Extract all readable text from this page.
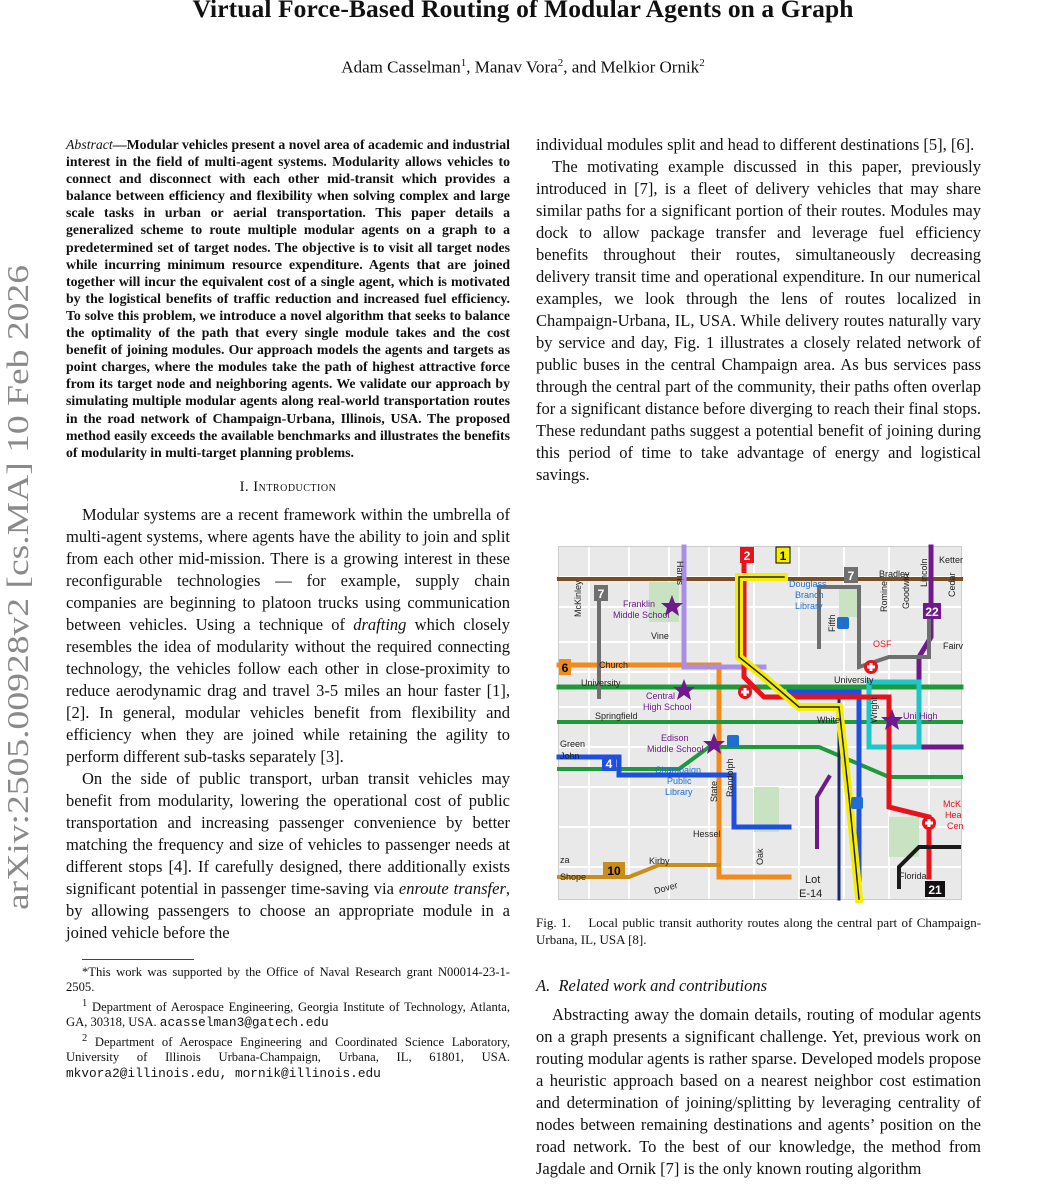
Virtual Force-Based Routing of Modular Agents on a Graph
Adam Casselman$^1$, Manav Vora$^2$, and Melkior Ornik$^2$
arXiv:2505.00928v2 [cs.MA] 10 Feb 2026

Abstract—Modular vehicles present a novel area of academic and industrial interest in the field of multi-agent systems. Modularity allows vehicles to connect and disconnect with each other mid-transit which provides a balance between efficiency and flexibility when solving complex and large scale tasks in urban or aerial transportation. This paper details a generalized scheme to route multiple modular agents on a graph to a predetermined set of target nodes. The objective is to visit all target nodes while incurring minimum resource expenditure. Agents that are joined together will incur the equivalent cost of a single agent, which is motivated by the logistical benefits of traffic reduction and increased fuel efficiency. To solve this problem, we introduce a novel algorithm that seeks to balance the optimality of the path that every single module takes and the cost benefit of joining modules. Our approach models the agents and targets as point charges, where the modules take the path of highest attractive force from its target node and neighboring agents. We validate our approach by simulating multiple modular agents along real-world transportation routes in the road network of Champaign-Urbana, Illinois, USA. The proposed method easily exceeds the available benchmarks and illustrates the benefits of modularity in multi-target planning problems.

I. Introduction

Modular systems are a recent framework within the umbrella of multi-agent systems, where agents have the ability to join and split from each other mid-mission. There is a growing interest in these reconfigurable technologies — for example, supply chain companies are beginning to platoon trucks using communication between vehicles. Using a technique of drafting which closely resembles the idea of modularity without the required connecting technology, the vehicles follow each other in close-proximity to reduce aerodynamic drag and travel 3-5 miles an hour faster [1], [2]. In general, modular vehicles benefit from flexibility and efficiency when they are joined while retaining the agility to perform different sub-tasks separately [3].

On the side of public transport, urban transit vehicles may benefit from modularity, lowering the operational cost of public transportation and increasing passenger convenience by better matching the frequency and size of vehicles to passenger needs at different stops [4]. If carefully designed, there additionally exists significant potential in passenger time-saving via enroute transfer, by allowing passengers to choose an appropriate module in a joined vehicle before the

*This work was supported by the Office of Naval Research grant N00014-23-1-2505.

$^1$ Department of Aerospace Engineering, Georgia Institute of Technology, Atlanta, GA, 30318, USA. acasselman3@gatech.edu

$^2$ Department of Aerospace Engineering and Coordinated Science Laboratory, University of Illinois Urbana-Champaign, Urbana, IL, 61801, USA. mkvora2@illinois.edu, mornik@illinois.edu

individual modules split and head to different destinations [5], [6].

The motivating example discussed in this paper, previously introduced in [7], is a fleet of delivery vehicles that may share similar paths for a significant portion of their routes. Modules may dock to allow package transfer and leverage fuel efficiency benefits throughout their routes, simultaneously decreasing delivery transit time and operational expenditure. In our numerical examples, we look through the lens of routes localized in Champaign-Urbana, IL, USA. While delivery routes naturally vary by service and day, Fig. 1 illustrates a closely related network of public buses in the central Champaign area. As bus services pass through the central part of the community, their paths often overlap for a significant distance before diverging to reach their final stops. These redundant paths suggest a potential benefit of joining during this period of time to take advantage of energy and logistical savings.

2 1
7
7
22
6
4
10
21
Harris
McKinley
Vine
Church
University
Springfield
Green
John
Kirby
Hessel
Dover
State Randolph
Oak
Bradley
Fifth
Romine Goodwin
Lincoln Cedar
Ketter
Fairv
White	Wright
Florida
University
Lot
E-14
za
Shope
Franklin
Middle School
Central
High School
Edison
Middle School
Champaign
Public
Library
Douglass
Branch
Library
OSF
McK
Hea
Cen
Uni High
Fig. 1. Local public transit authority routes along the central part of Champaign-Urbana, IL, USA [8].
A. Related work and contributions

Abstracting away the domain details, routing of modular agents on a graph presents a significant challenge. Yet, previous work on routing modular agents is rather sparse. Developed models propose a heuristic approach based on a nearest neighbor cost estimation and determination of joining/splitting by leveraging centrality of nodes between remaining destinations and agents’ position on the road network. To the best of our knowledge, the method from Jagdale and Ornik [7] is the only known routing algorithm
